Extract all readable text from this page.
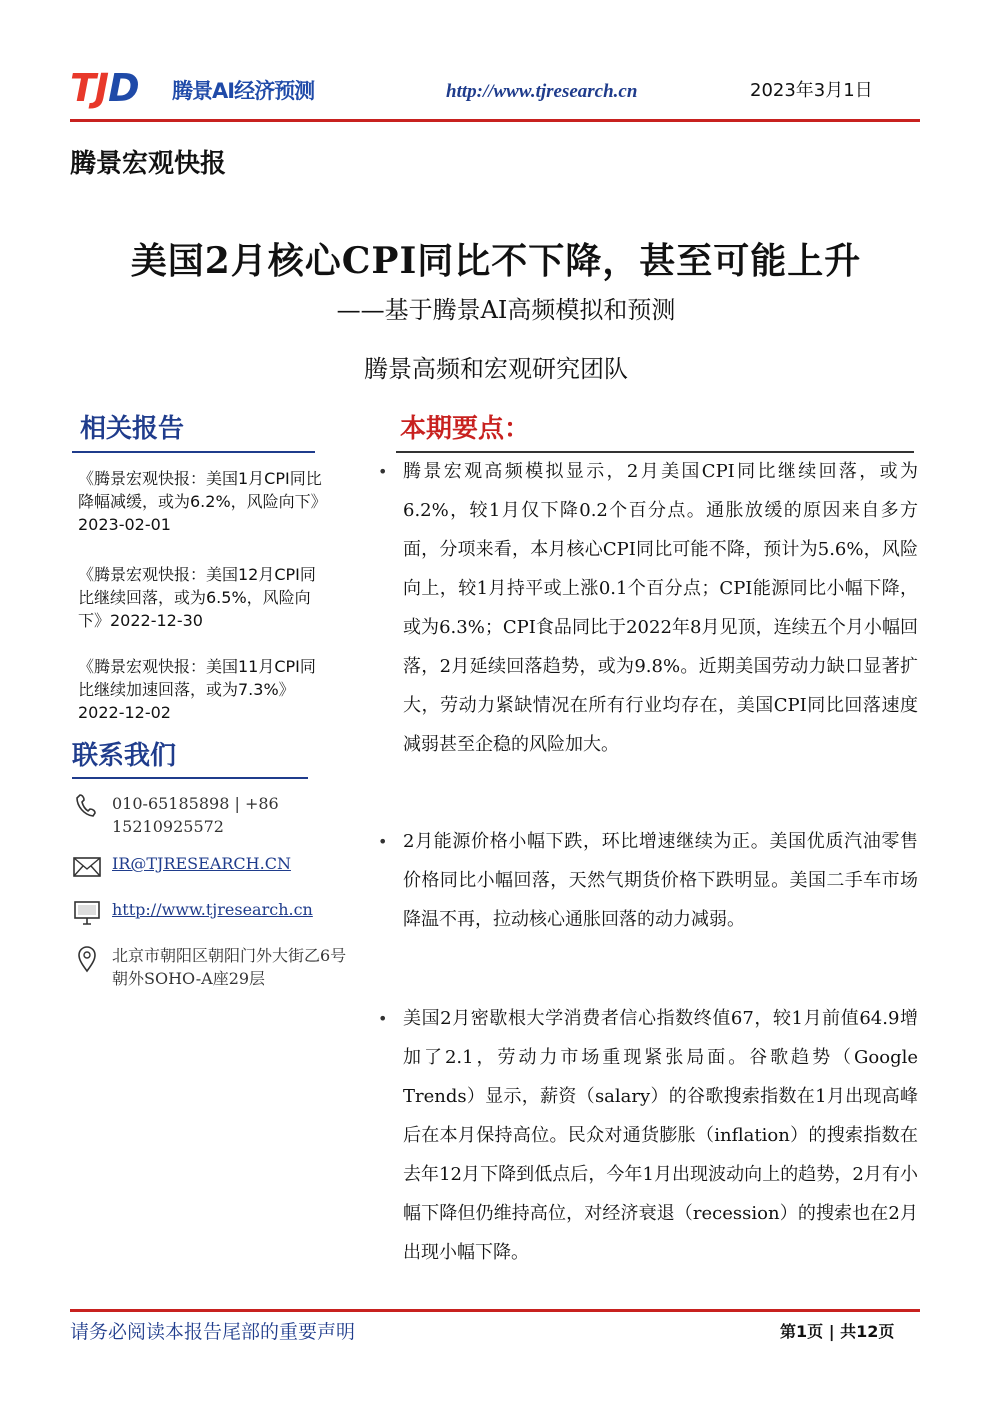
TJD 腾景AI经济预测	http://www.tjresearch.cn	2023年3月1日
腾景宏观快报
美国2月核心CPI同比不下降，甚至可能上升
——基于腾景AI高频模拟和预测
腾景高频和宏观研究团队
相关报告
《腾景宏观快报：美国1月CPI同比降幅减缓，或为6.2%，风险向下》2023-02-01
《腾景宏观快报：美国12月CPI同比继续回落，或为6.5%，风险向下》2022-12-30
《腾景宏观快报：美国11月CPI同比继续加速回落，或为7.3%》2022-12-02
联系我们
010-65185898 | +86 15210925572
IR@TJRESEARCH.CN
http://www.tjresearch.cn
北京市朝阳区朝阳门外大街乙6号朝外SOHO-A座29层
本期要点：
• 腾景宏观高频模拟显示，2月美国CPI同比继续回落，或为6.2%，较1月仅下降0.2个百分点。通胀放缓的原因来自多方面，分项来看，本月核心CPI同比可能不降，预计为5.6%，风险向上，较1月持平或上涨0.1个百分点；CPI能源同比小幅下降，或为6.3%；CPI食品同比于2022年8月见顶，连续五个月小幅回落，2月延续回落趋势，或为9.8%。近期美国劳动力缺口显著扩大，劳动力紧缺情况在所有行业均存在，美国CPI同比回落速度减弱甚至企稳的风险加大。
• 2月能源价格小幅下跌，环比增速继续为正。美国优质汽油零售价格同比小幅回落，天然气期货价格下跌明显。美国二手车市场降温不再，拉动核心通胀回落的动力减弱。
• 美国2月密歇根大学消费者信心指数终值67，较1月前值64.9增加了2.1，劳动力市场重现紧张局面。谷歌趋势（Google Trends）显示，薪资（salary）的谷歌搜索指数在1月出现高峰后在本月保持高位。民众对通货膨胀（inflation）的搜索指数在去年12月下降到低点后，今年1月出现波动向上的趋势，2月有小幅下降但仍维持高位，对经济衰退（recession）的搜索也在2月出现小幅下降。
请务必阅读本报告尾部的重要声明	第1页 | 共12页
